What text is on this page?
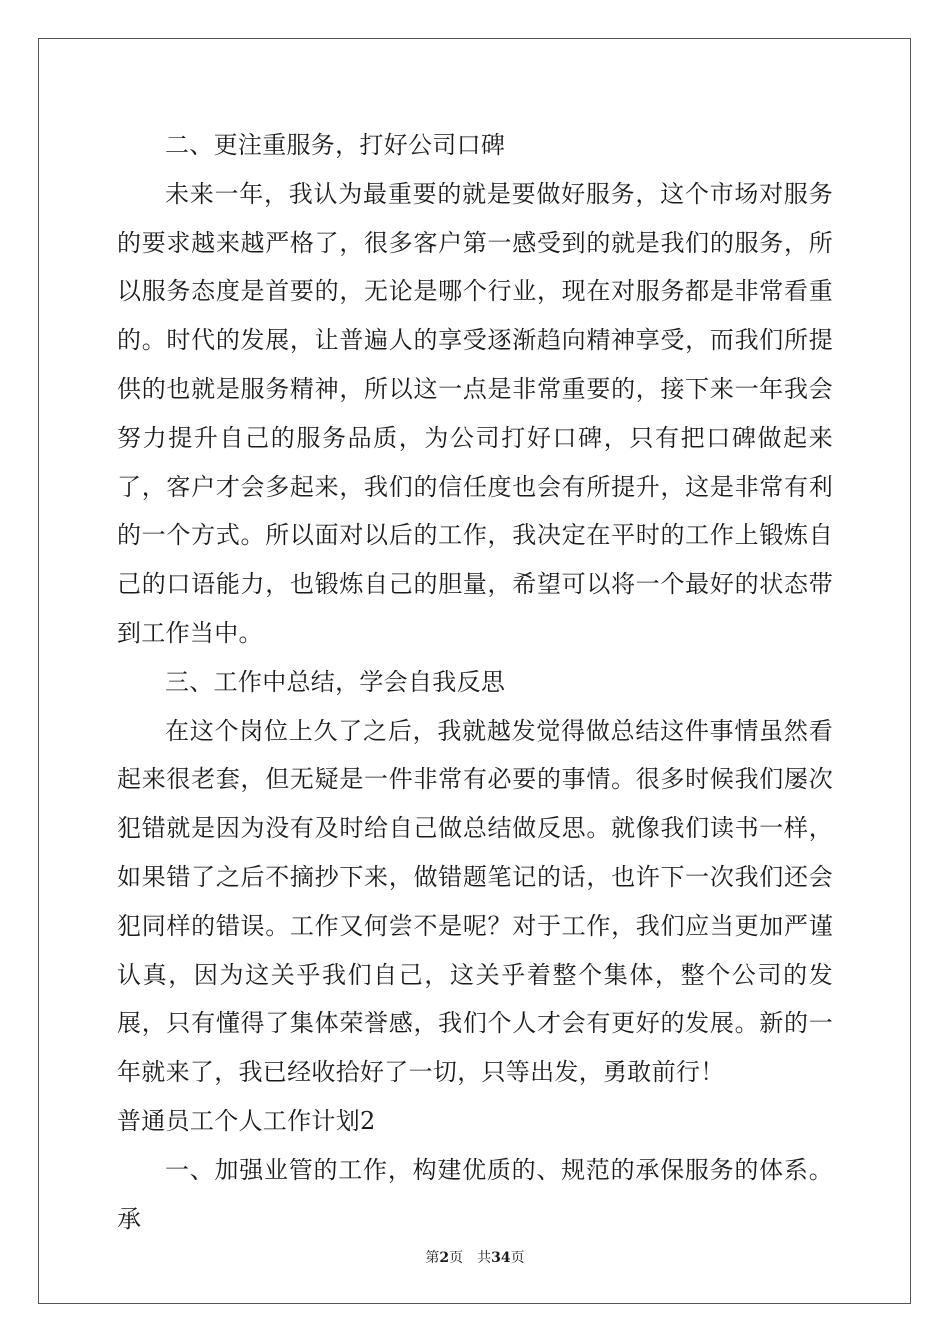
二、更注重服务，打好公司口碑

未来一年，我认为最重要的就是要做好服务，这个市场对服务的要求越来越严格了，很多客户第一感受到的就是我们的服务，所以服务态度是首要的，无论是哪个行业，现在对服务都是非常看重的。时代的发展，让普遍人的享受逐渐趋向精神享受，而我们所提供的也就是服务精神，所以这一点是非常重要的，接下来一年我会努力提升自己的服务品质，为公司打好口碑，只有把口碑做起来了，客户才会多起来，我们的信任度也会有所提升，这是非常有利的一个方式。所以面对以后的工作，我决定在平时的工作上锻炼自己的口语能力，也锻炼自己的胆量，希望可以将一个最好的状态带到工作当中。

三、工作中总结，学会自我反思

在这个岗位上久了之后，我就越发觉得做总结这件事情虽然看起来很老套，但无疑是一件非常有必要的事情。很多时候我们屡次犯错就是因为没有及时给自己做总结做反思。就像我们读书一样，如果错了之后不摘抄下来，做错题笔记的话，也许下一次我们还会犯同样的错误。工作又何尝不是呢？对于工作，我们应当更加严谨认真，因为这关乎我们自己，这关乎着整个集体，整个公司的发展，只有懂得了集体荣誉感，我们个人才会有更好的发展。新的一年就来了，我已经收拾好了一切，只等出发，勇敢前行！

普通员工个人工作计划2

一、加强业管的工作，构建优质的、规范的承保服务的体系。承

第2页 共34页
